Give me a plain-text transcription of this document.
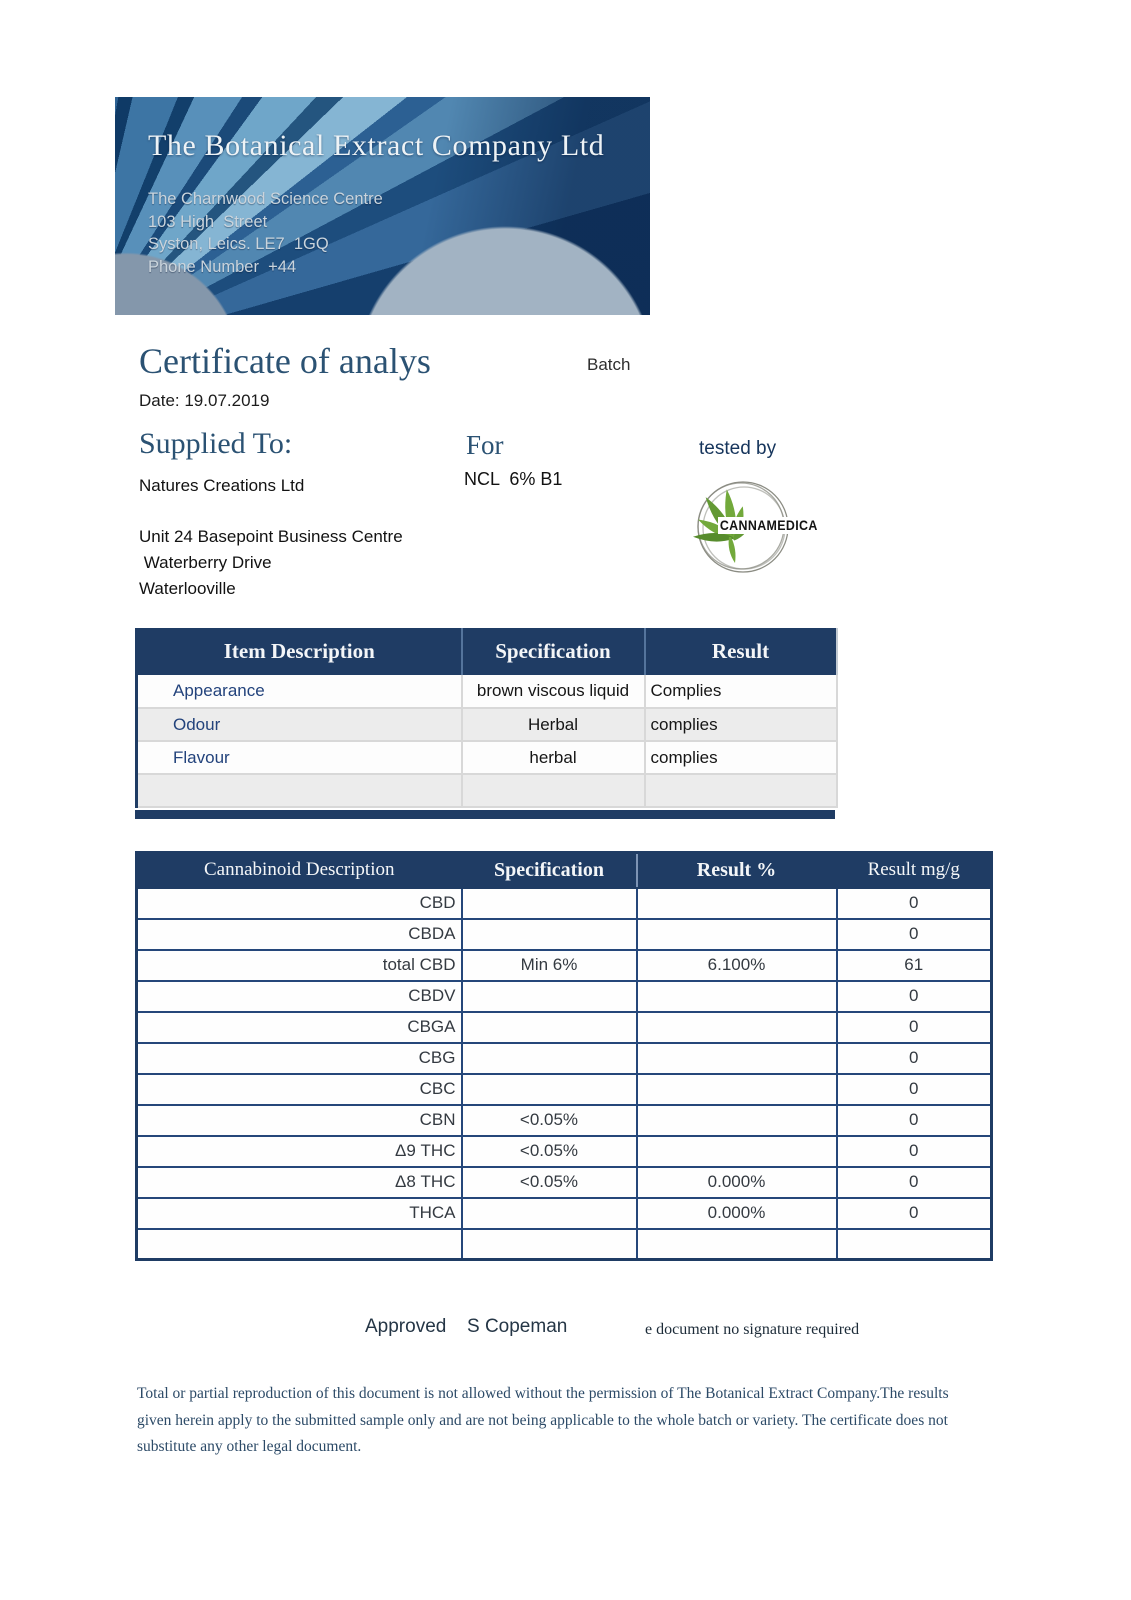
The Botanical Extract Company Ltd
The Charnwood Science Centre
103 High  Street
Syston, Leics. LE7  1GQ
Phone Number  +44
Certificate of analys	Batch
Date: 19.07.2019
Supplied To:	For	tested by
Natures Creations Ltd	NCL  6% B1
Unit 24 Basepoint Business Centre
Waterberry Drive
Waterlooville
CANNAMEDICA
Item Description	Specification	Result
Appearance	brown viscous liquid	Complies
Odour	Herbal	complies
Flavour	herbal	complies

Cannabinoid Description	Specification	Result %	Result mg/g
CBD			0
CBDA			0
total CBD	Min 6%	6.100%	61
CBDV			0
CBGA			0
CBG			0
CBC			0
CBN	<0.05%		0
Δ9 THC	<0.05%		0
Δ8 THC	<0.05%	0.000%	0
THCA		0.000%	0

Approved S Copeman	e document no signature required
Total or partial reproduction of this document is not allowed without the permission of The Botanical Extract Company.The results given herein apply to the submitted sample only and are not being applicable to the whole batch or variety. The certificate does not substitute any other legal document.
